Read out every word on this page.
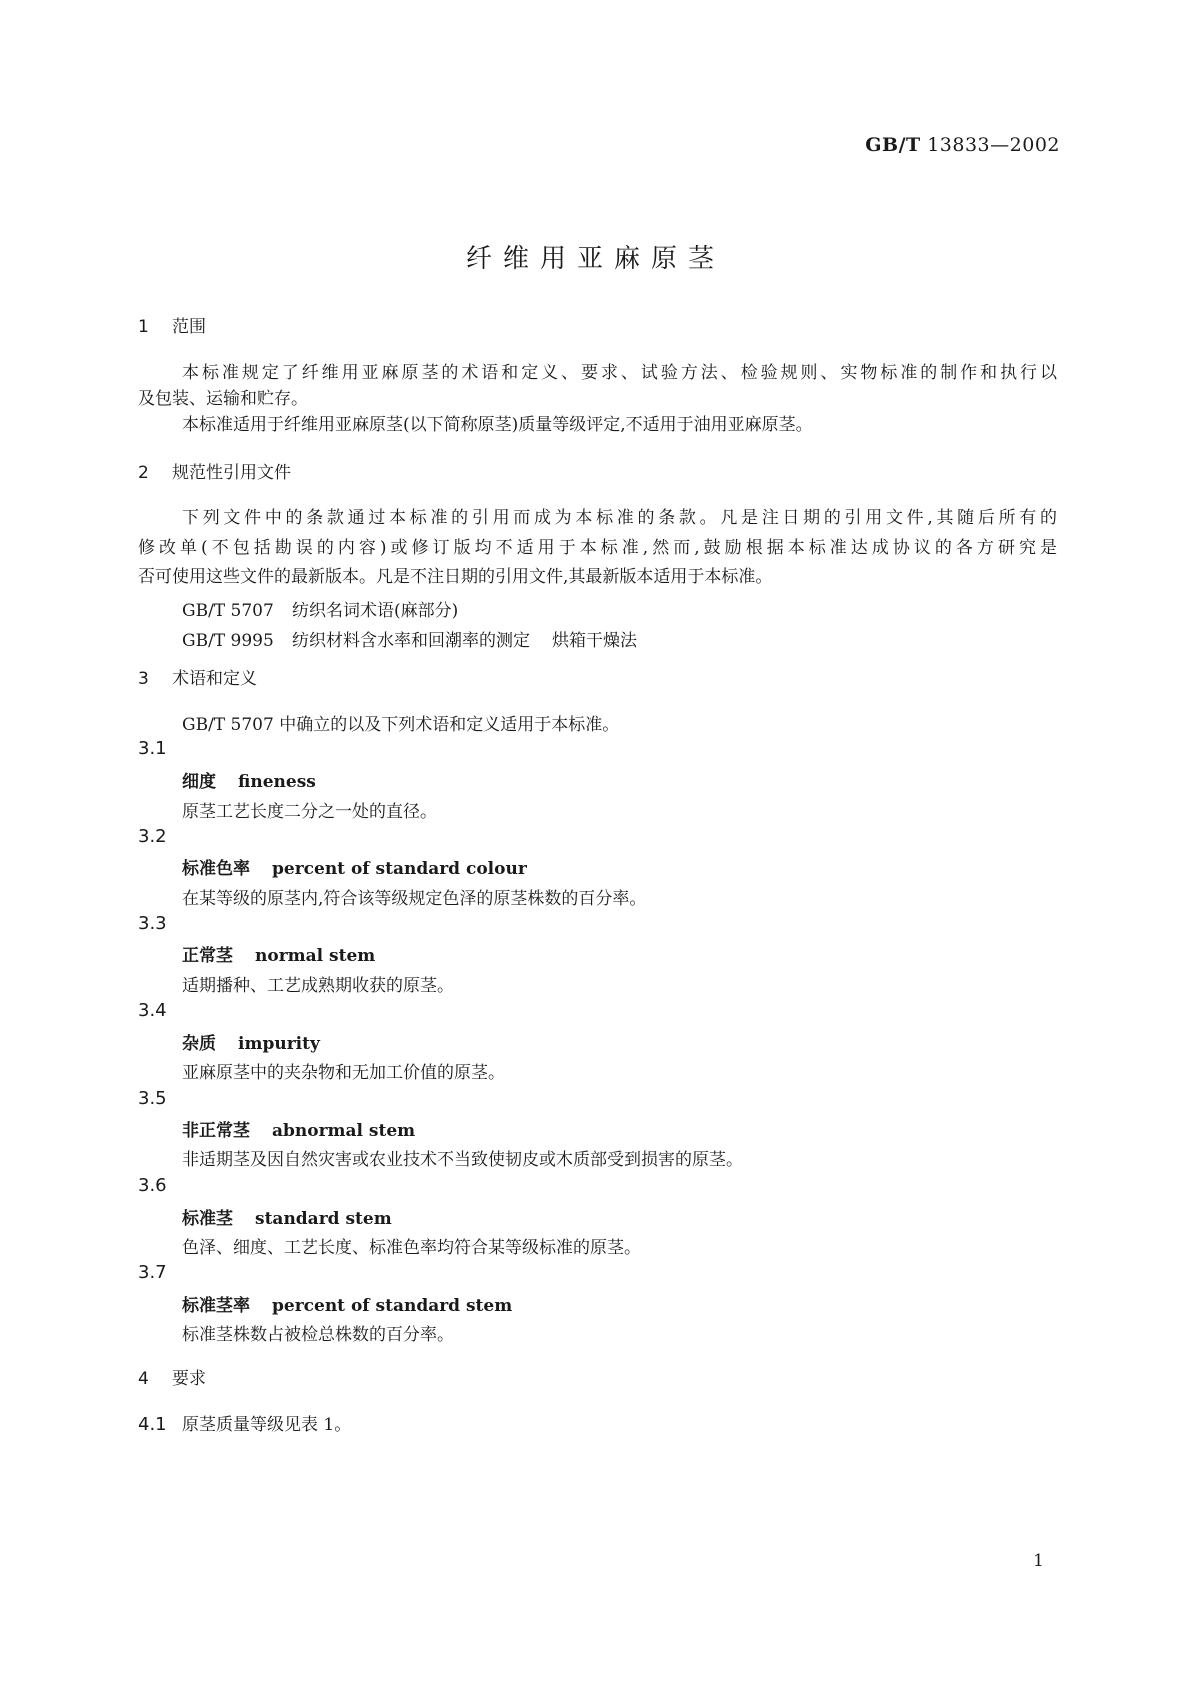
GB/T 13833—2002
纤维用亚麻原茎
1 范围
本标准规定了纤维用亚麻原茎的术语和定义、要求、试验方法、检验规则、实物标准的制作和执行以
及包装、运输和贮存。
本标准适用于纤维用亚麻原茎(以下简称原茎)质量等级评定,不适用于油用亚麻原茎。
2 规范性引用文件
下列文件中的条款通过本标准的引用而成为本标准的条款。凡是注日期的引用文件,其随后所有的
修改单(不包括勘误的内容)或修订版均不适用于本标准,然而,鼓励根据本标准达成协议的各方研究是
否可使用这些文件的最新版本。凡是不注日期的引用文件,其最新版本适用于本标准。
GB/T 5707 纺织名词术语(麻部分)
GB/T 9995 纺织材料含水率和回潮率的测定 烘箱干燥法
3 术语和定义
GB/T 5707 中确立的以及下列术语和定义适用于本标准。
3.1
细度 fineness
原茎工艺长度二分之一处的直径。
3.2
标准色率 percent of standard colour
在某等级的原茎内,符合该等级规定色泽的原茎株数的百分率。
3.3
正常茎 normal stem
适期播种、工艺成熟期收获的原茎。
3.4
杂质 impurity
亚麻原茎中的夹杂物和无加工价值的原茎。
3.5
非正常茎 abnormal stem
非适期茎及因自然灾害或农业技术不当致使韧皮或木质部受到损害的原茎。
3.6
标准茎 standard stem
色泽、细度、工艺长度、标准色率均符合某等级标准的原茎。
3.7
标准茎率 percent of standard stem
标准茎株数占被检总株数的百分率。
4 要求
4.1 原茎质量等级见表 1。
1
